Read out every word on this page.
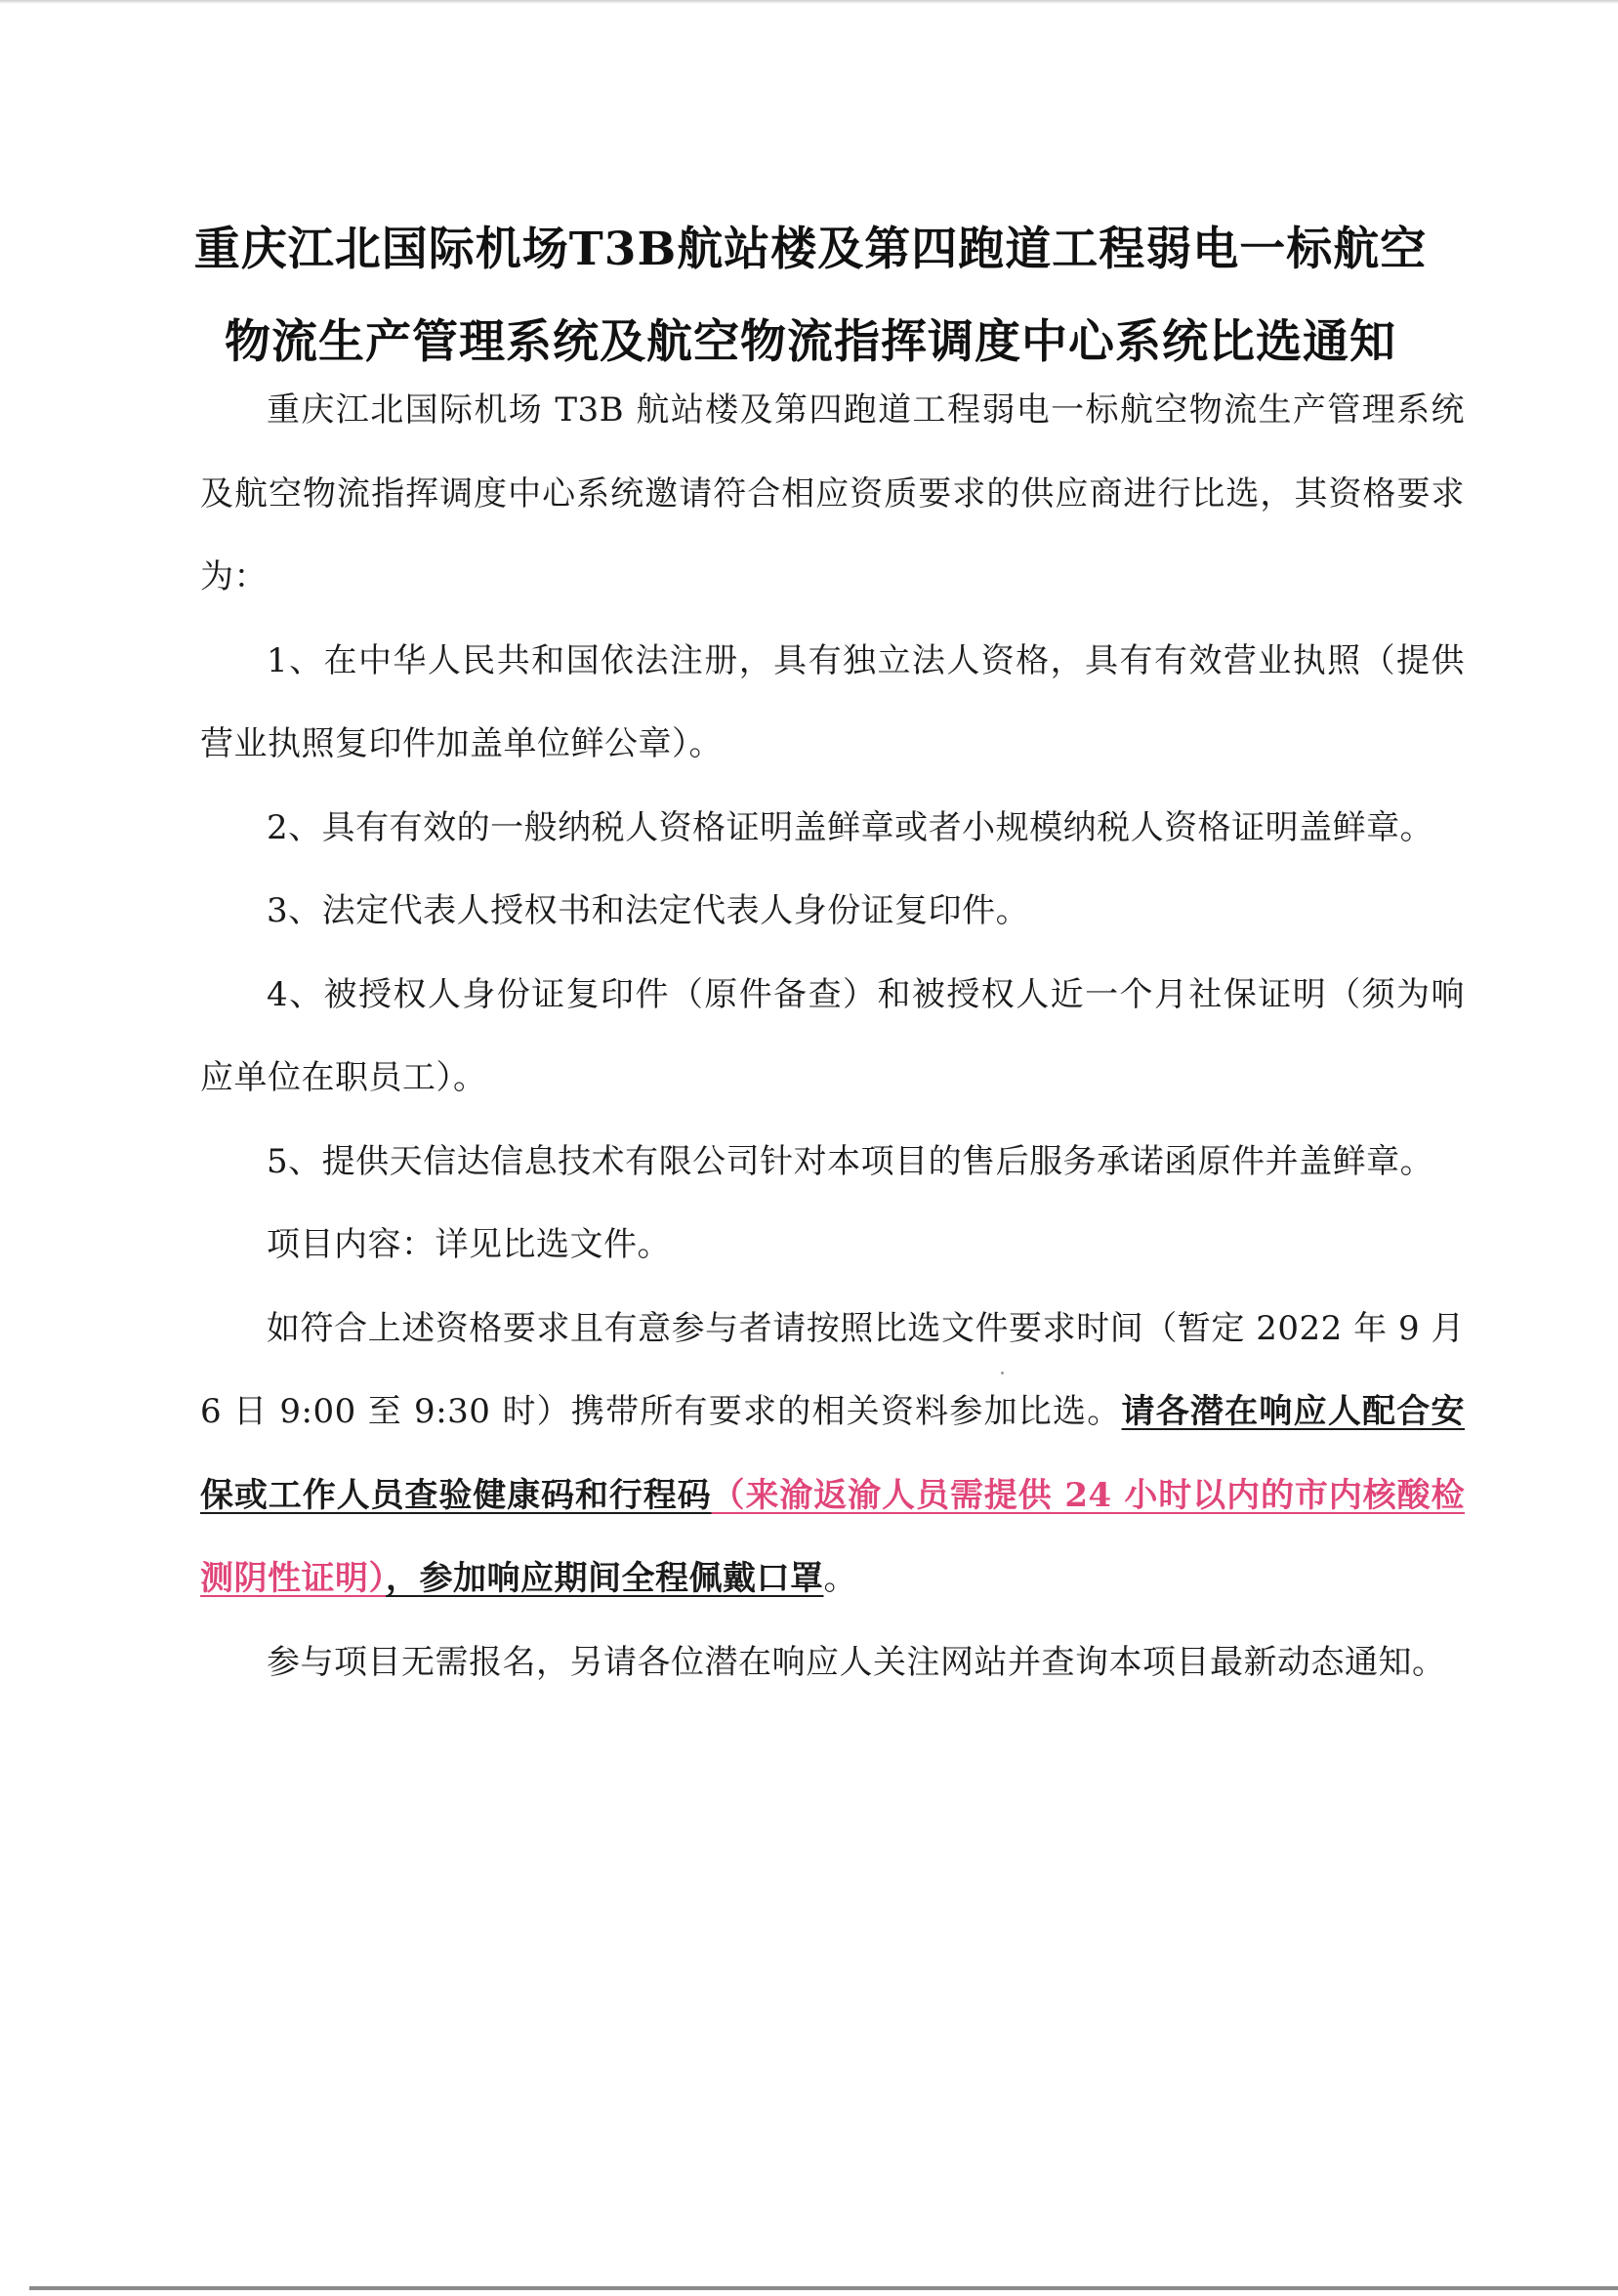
重庆江北国际机场T3B航站楼及第四跑道工程弱电一标航空
物流生产管理系统及航空物流指挥调度中心系统比选通知

重庆江北国际机场 T3B 航站楼及第四跑道工程弱电一标航空物流生产管理系统及航空物流指挥调度中心系统邀请符合相应资质要求的供应商进行比选，其资格要求为：

1、在中华人民共和国依法注册，具有独立法人资格，具有有效营业执照（提供营业执照复印件加盖单位鲜公章）。

2、具有有效的一般纳税人资格证明盖鲜章或者小规模纳税人资格证明盖鲜章。

3、法定代表人授权书和法定代表人身份证复印件。

4、被授权人身份证复印件（原件备查）和被授权人近一个月社保证明（须为响应单位在职员工）。

5、提供天信达信息技术有限公司针对本项目的售后服务承诺函原件并盖鲜章。

项目内容：详见比选文件。

如符合上述资格要求且有意参与者请按照比选文件要求时间（暂定 2022 年 9 月 6 日 9:00 至 9:30 时）携带所有要求的相关资料参加比选。请各潜在响应人配合安保或工作人员查验健康码和行程码（来渝返渝人员需提供 24 小时以内的市内核酸检测阴性证明），参加响应期间全程佩戴口罩。

参与项目无需报名，另请各位潜在响应人关注网站并查询本项目最新动态通知。
